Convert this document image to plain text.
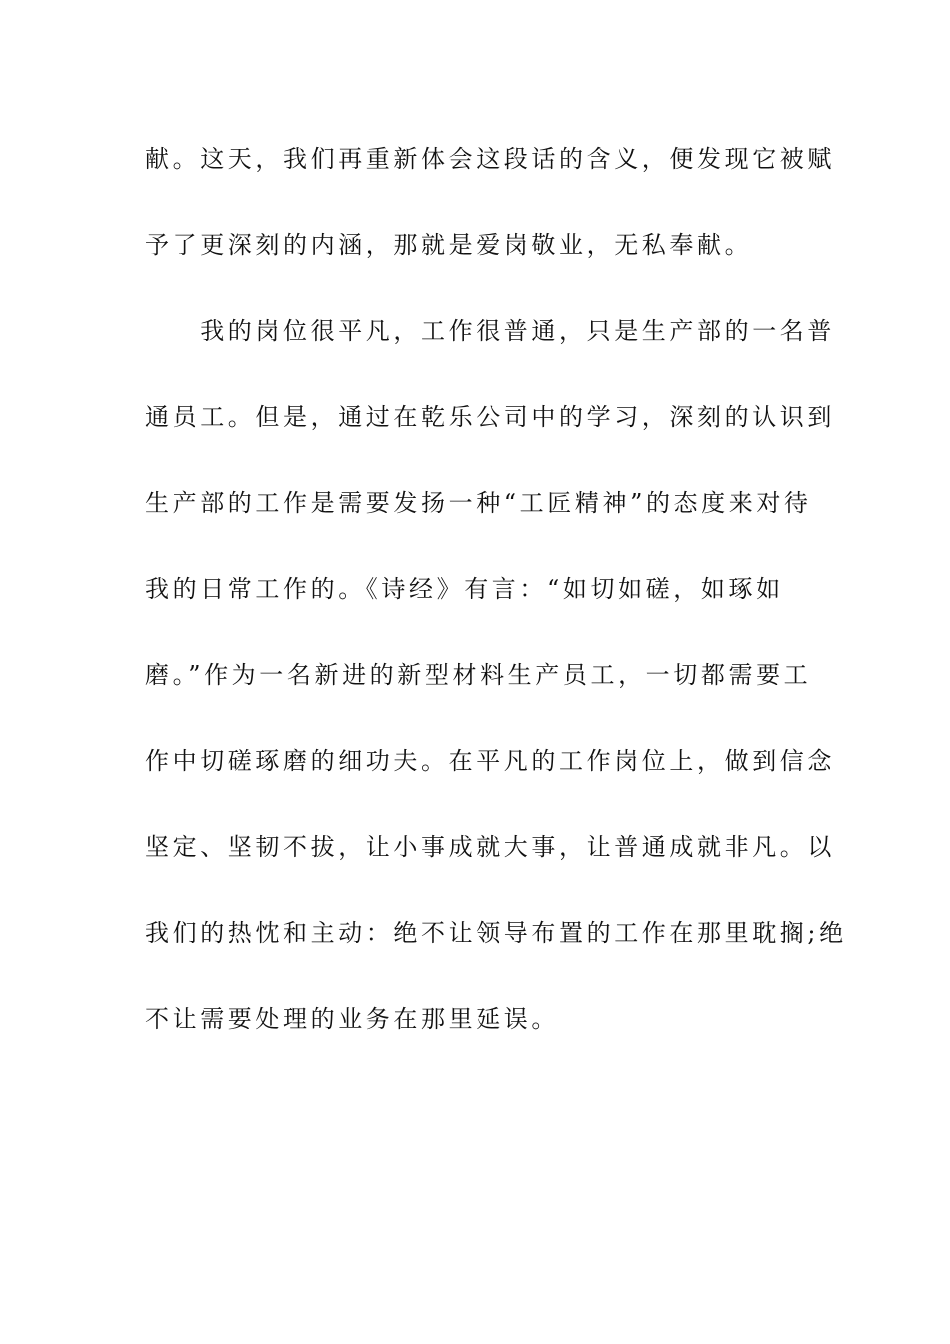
献。这天，我们再重新体会这段话的含义，便发现它被赋
予了更深刻的内涵，那就是爱岗敬业，无私奉献。
　　我的岗位很平凡，工作很普通，只是生产部的一名普
通员工。但是，通过在乾乐公司中的学习，深刻的认识到
生产部的工作是需要发扬一种“工匠精神”的态度来对待
我的日常工作的。《诗经》有言：“如切如磋，如琢如
磨。”作为一名新进的新型材料生产员工，一切都需要工
作中切磋琢磨的细功夫。在平凡的工作岗位上，做到信念
坚定、坚韧不拔，让小事成就大事，让普通成就非凡。以
我们的热忱和主动：绝不让领导布置的工作在那里耽搁;绝
不让需要处理的业务在那里延误。
